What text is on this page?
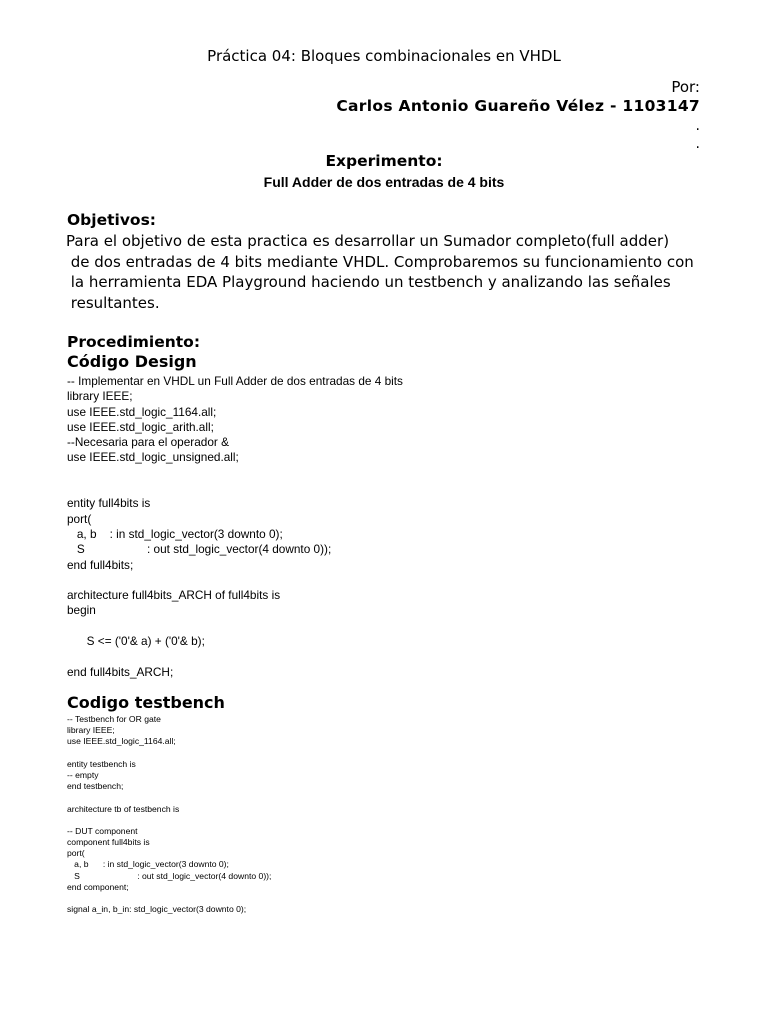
Práctica 04: Bloques combinacionales en VHDL
Por:
Carlos Antonio Guareño Vélez - 1103147
.
.
Experimento:
Full Adder de dos entradas de 4 bits
Objetivos:
Para el objetivo de esta practica es desarrollar un Sumador completo(full adder)
de dos entradas de 4 bits mediante VHDL. Comprobaremos su funcionamiento con
la herramienta EDA Playground haciendo un testbench y analizando las señales
resultantes.
Procedimiento:
Código Design
-- Implementar en VHDL un Full Adder de dos entradas de 4 bits
library IEEE;
use IEEE.std_logic_1164.all;
use IEEE.std_logic_arith.all;
--Necesaria para el operador &
use IEEE.std_logic_unsigned.all;
entity full4bits is
port(
a, b    : in std_logic_vector(3 downto 0);
S                   : out std_logic_vector(4 downto 0));
end full4bits;
architecture full4bits_ARCH of full4bits is
begin
S <= ('0'& a) + ('0'& b);
end full4bits_ARCH;
Codigo testbench
-- Testbench for OR gate
library IEEE;
use IEEE.std_logic_1164.all;
entity testbench is
-- empty
end testbench;
architecture tb of testbench is
-- DUT component
component full4bits is
port(
a, b      : in std_logic_vector(3 downto 0);
S                        : out std_logic_vector(4 downto 0));
end component;
signal a_in, b_in: std_logic_vector(3 downto 0);
